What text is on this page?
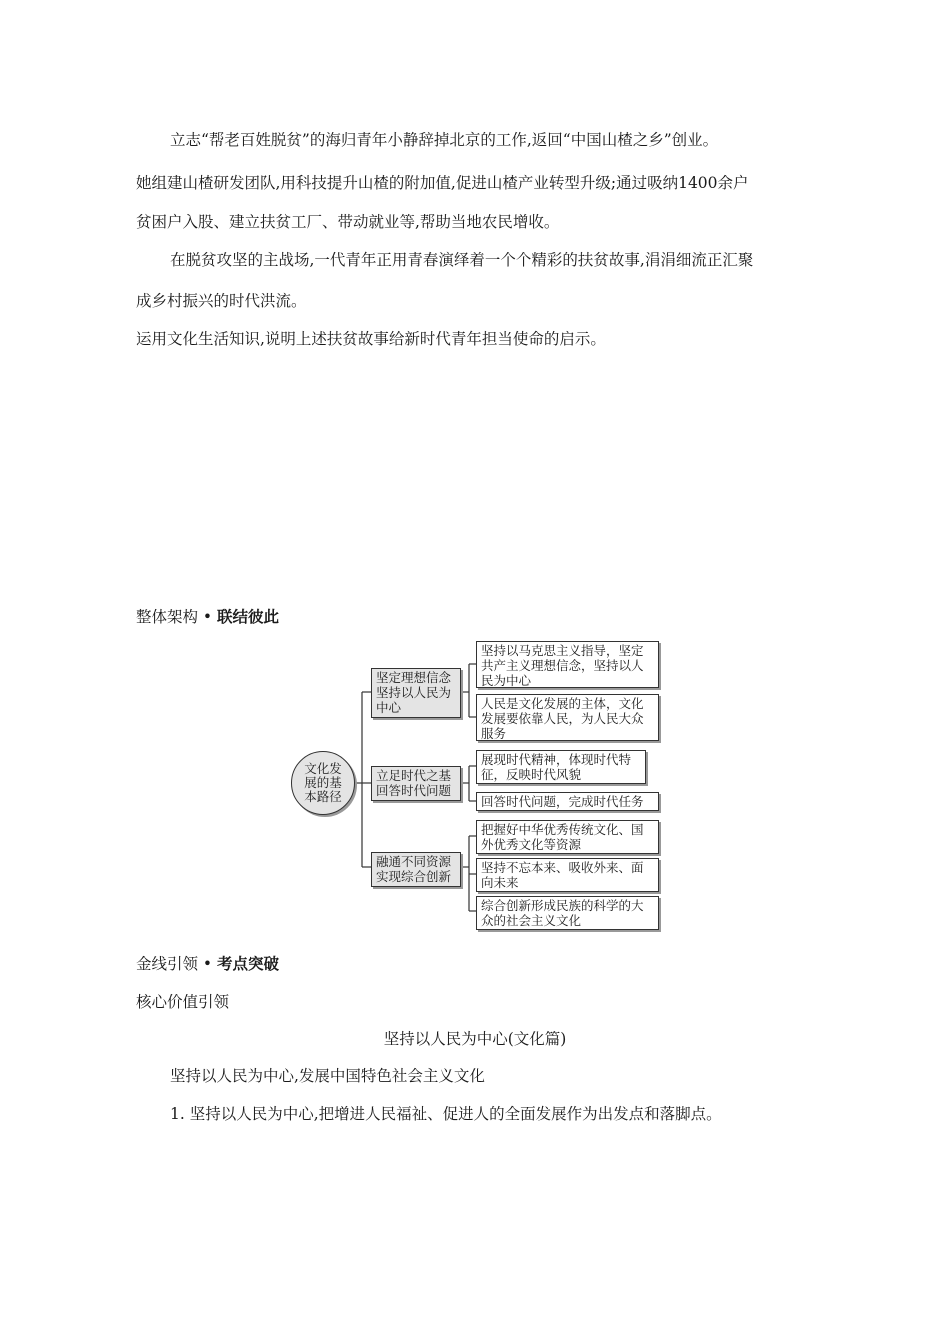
立志“帮老百姓脱贫”的海归青年小静辞掉北京的工作,返回“中国山楂之乡”创业。

她组建山楂研发团队,用科技提升山楂的附加值,促进山楂产业转型升级;通过吸纳1400余户

贫困户入股、建立扶贫工厂、带动就业等,帮助当地农民增收。

在脱贫攻坚的主战场,一代青年正用青春演绎着一个个精彩的扶贫故事,涓涓细流正汇聚

成乡村振兴的时代洪流。

运用文化生活知识,说明上述扶贫故事给新时代青年担当使命的启示。

整体架构 • 联结彼此

文化发展的基本路径
坚定理想信念坚持以人民为中心
立足时代之基回答时代问题
融通不同资源实现综合创新
坚持以马克思主义指导，坚定共产主义理想信念，坚持以人民为中心
人民是文化发展的主体，文化发展要依靠人民，为人民大众服务
展现时代精神，体现时代特征，反映时代风貌
回答时代问题，完成时代任务
把握好中华优秀传统文化、国外优秀文化等资源
坚持不忘本来、吸收外来、面向未来
综合创新形成民族的科学的大众的社会主义文化

金线引领 • 考点突破

核心价值引领

坚持以人民为中心(文化篇)

坚持以人民为中心,发展中国特色社会主义文化

1. 坚持以人民为中心,把增进人民福祉、促进人的全面发展作为出发点和落脚点。
